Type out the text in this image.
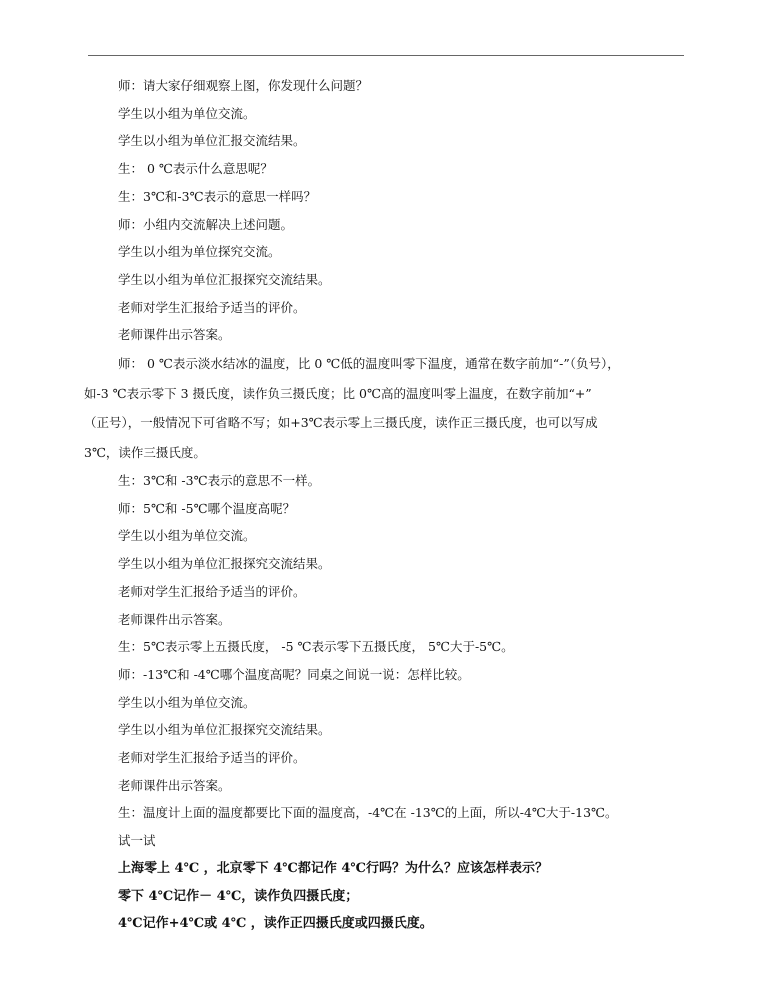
师：请大家仔细观察上图，你发现什么问题？
学生以小组为单位交流。
学生以小组为单位汇报交流结果。
生： 0 ℃表示什么意思呢？
生：3℃和-3℃表示的意思一样吗？
师：小组内交流解决上述问题。
学生以小组为单位探究交流。
学生以小组为单位汇报探究交流结果。
老师对学生汇报给予适当的评价。
老师课件出示答案。
师： 0 ℃表示淡水结冰的温度，比 0 ℃低的温度叫零下温度，通常在数字前加“-”（负号），
如-3 ℃表示零下 3 摄氏度，读作负三摄氏度；比 0℃高的温度叫零上温度，在数字前加“+”
（正号），一般情况下可省略不写；如+3℃表示零上三摄氏度，读作正三摄氏度，也可以写成
3℃，读作三摄氏度。
生：3℃和 -3℃表示的意思不一样。
师：5℃和 -5℃哪个温度高呢？
学生以小组为单位交流。
学生以小组为单位汇报探究交流结果。
老师对学生汇报给予适当的评价。
老师课件出示答案。
生：5℃表示零上五摄氏度， -5 ℃表示零下五摄氏度， 5℃大于-5℃。
师：-13℃和 -4℃哪个温度高呢？同桌之间说一说：怎样比较。
学生以小组为单位交流。
学生以小组为单位汇报探究交流结果。
老师对学生汇报给予适当的评价。
老师课件出示答案。
生：温度计上面的温度都要比下面的温度高，-4℃在 -13℃的上面，所以-4℃大于-13℃。
试一试
上海零上 4℃ ，北京零下 4℃都记作 4℃行吗？为什么？应该怎样表示？
零下 4℃记作－ 4℃，读作负四摄氏度；
4℃记作+4℃或 4℃ ，读作正四摄氏度或四摄氏度。
